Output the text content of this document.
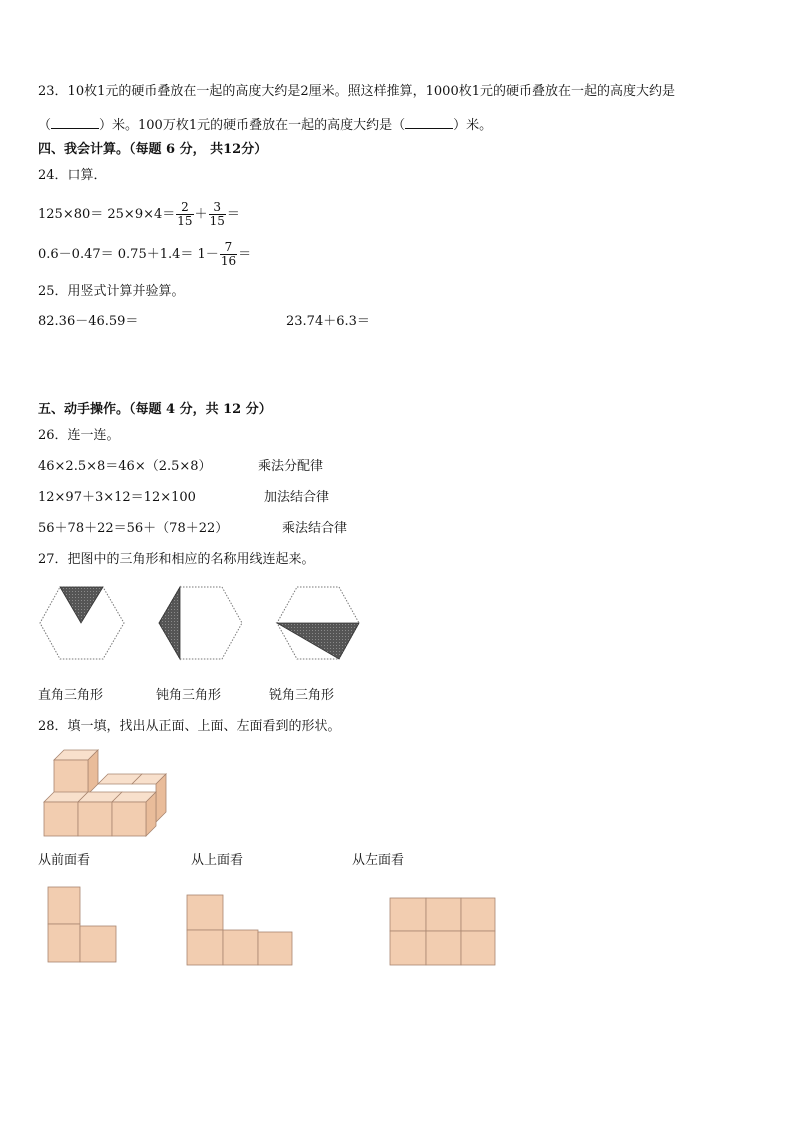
23．10枚1元的硬币叠放在一起的高度大约是2厘米。照这样推算，1000枚1元的硬币叠放在一起的高度大约是
（	）米。100万枚1元的硬币叠放在一起的高度大约是（	）米。
四、我会计算。（每题 6 分， 共12分）
24．口算．
$125\times 80= 25\times 9\times 4= \frac{2}{15} + \frac{3}{15}$ ＝
$0.6-0.47= 0.75+1.4= 1- \frac{7}{16}$ ＝
25．用竖式计算并验算。
82.36－46.59＝	23.74＋6.3＝
五、动手操作。（每题 4 分，共 12 分）
26．连一连。
46×2.5×8＝46×（2.5×8）	乘法分配律
12×97＋3×12＝12×100	加法结合律
56＋78＋22＝56＋（78＋22）	乘法结合律
27．把图中的三角形和相应的名称用线连起来。
直角三角形	钝角三角形	锐角三角形
28．填一填，找出从正面、上面、左面看到的形状。
从前面看	从上面看	从左面看
